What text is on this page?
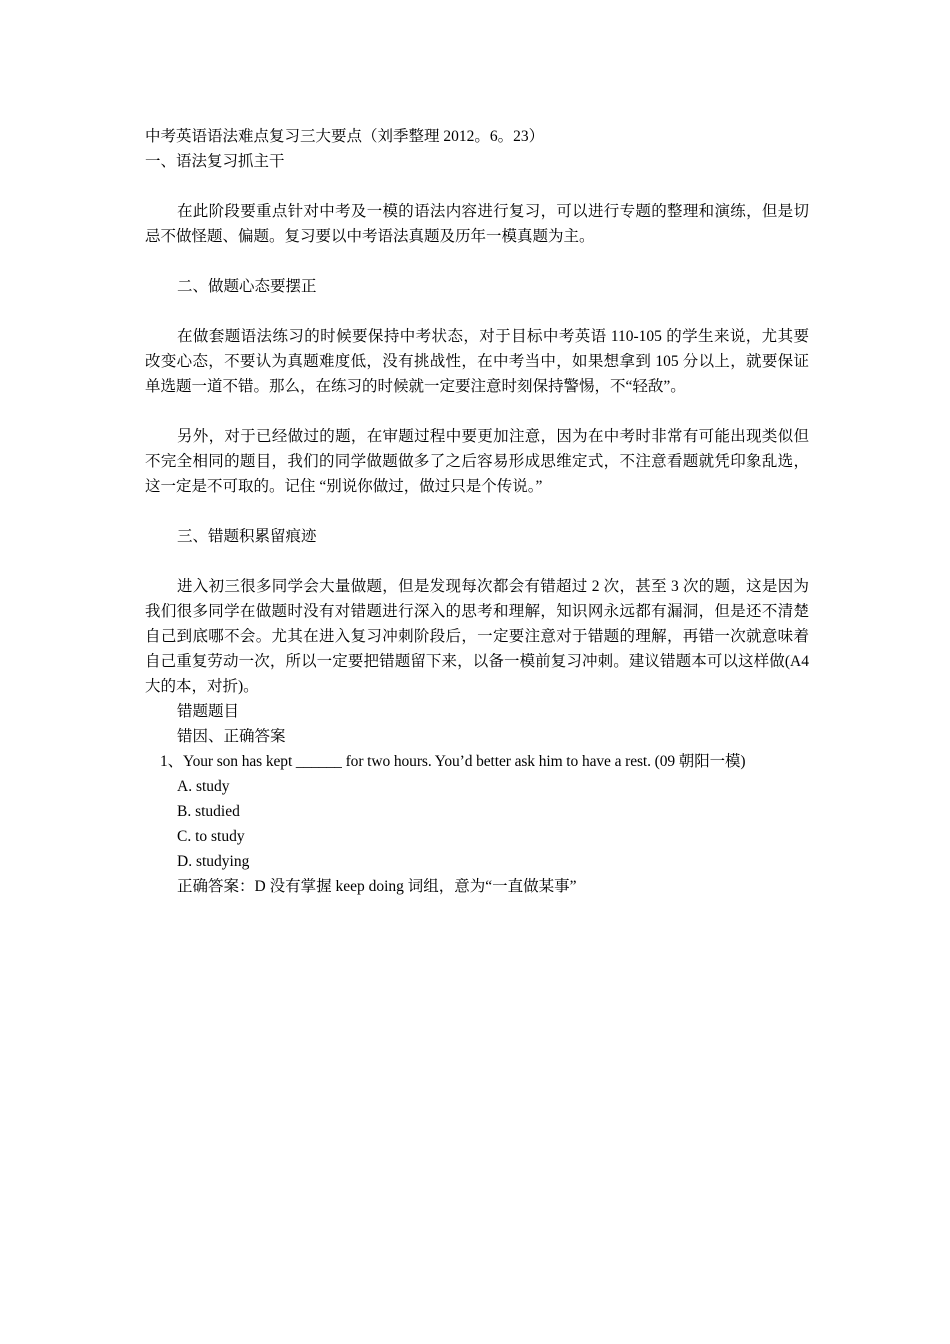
中考英语语法难点复习三大要点（刘季整理 2012。6。23）

一、语法复习抓主干

在此阶段要重点针对中考及一模的语法内容进行复习，可以进行专题的整理和演练，但是切忌不做怪题、偏题。复习要以中考语法真题及历年一模真题为主。

二、做题心态要摆正

在做套题语法练习的时候要保持中考状态，对于目标中考英语 110-105 的学生来说，尤其要改变心态，不要认为真题难度低，没有挑战性，在中考当中，如果想拿到 105 分以上，就要保证单选题一道不错。那么，在练习的时候就一定要注意时刻保持警惕，不“轻敌”。

另外，对于已经做过的题，在审题过程中要更加注意，因为在中考时非常有可能出现类似但不完全相同的题目，我们的同学做题做多了之后容易形成思维定式，不注意看题就凭印象乱选，这一定是不可取的。记住 “别说你做过，做过只是个传说。”

三、错题积累留痕迹

进入初三很多同学会大量做题，但是发现每次都会有错超过 2 次，甚至 3 次的题，这是因为我们很多同学在做题时没有对错题进行深入的思考和理解，知识网永远都有漏洞，但是还不清楚自己到底哪不会。尤其在进入复习冲刺阶段后，一定要注意对于错题的理解，再错一次就意味着自己重复劳动一次，所以一定要把错题留下来，以备一模前复习冲刺。建议错题本可以这样做(A4 大的本，对折)。

错题题目

错因、正确答案

1、Your son has kept ______ for two hours. You’d better ask him to have a rest. (09 朝阳一模)

A. study

B. studied

C. to study

D. studying

正确答案：D 没有掌握 keep doing 词组，意为“一直做某事”
